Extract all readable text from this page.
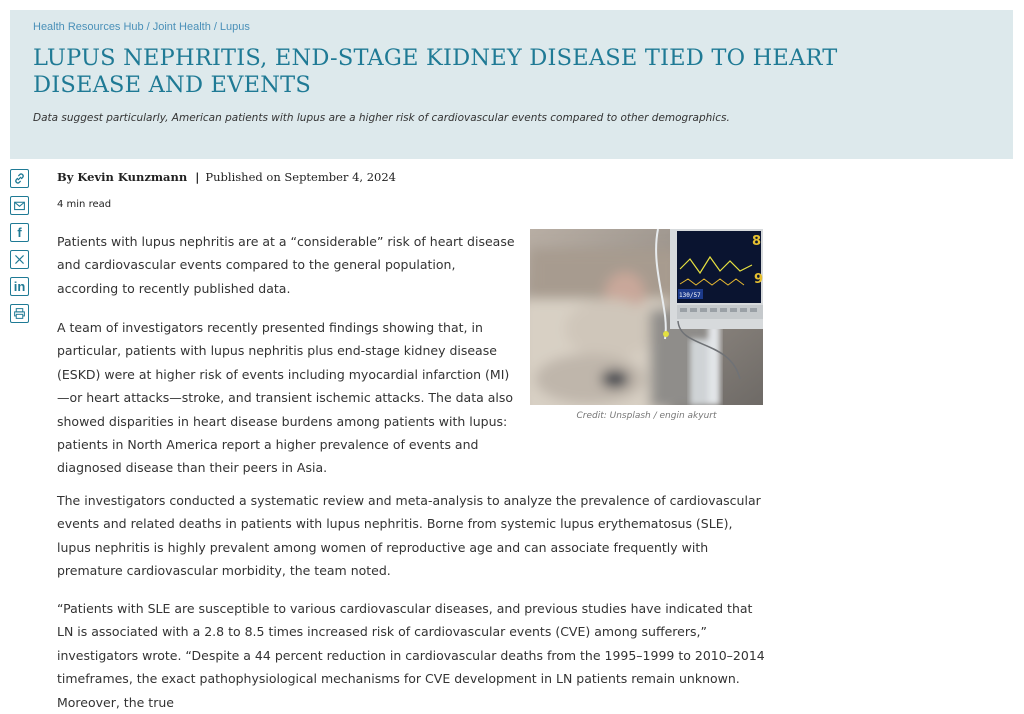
Health Resources Hub / Joint Health / Lupus
LUPUS NEPHRITIS, END-STAGE KIDNEY DISEASE TIED TO HEART DISEASE AND EVENTS
Data suggest particularly, American patients with lupus are a higher risk of cardiovascular events compared to other demographics.
f
in
By Kevin Kunzmann | Published on September 4, 2024
4 min read

Patients with lupus nephritis are at a “considerable” risk of heart disease and cardiovascular events compared to the general population, according to recently published data.

A team of investigators recently presented findings showing that, in particular, patients with lupus nephritis plus end-stage kidney disease (ESKD) were at higher risk of events including myocardial infarction (MI)—or heart attacks—stroke, and transient ischemic attacks. The data also showed disparities in heart disease burdens among patients with lupus: patients in North America report a higher prevalence of events and diagnosed disease than their peers in Asia.

130/57
8
9
Credit: Unsplash / engin akyurt

The investigators conducted a systematic review and meta-analysis to analyze the prevalence of cardiovascular events and related deaths in patients with lupus nephritis. Borne from systemic lupus erythematosus (SLE), lupus nephritis is highly prevalent among women of reproductive age and can associate frequently with premature cardiovascular morbidity, the team noted.

“Patients with SLE are susceptible to various cardiovascular diseases, and previous studies have indicated that LN is associated with a 2.8 to 8.5 times increased risk of cardiovascular events (CVE) among sufferers,” investigators wrote. “Despite a 44 percent reduction in cardiovascular deaths from the 1995–1999 to 2010–2014 timeframes, the exact pathophysiological mechanisms for CVE development in LN patients remain unknown. Moreover, the true
